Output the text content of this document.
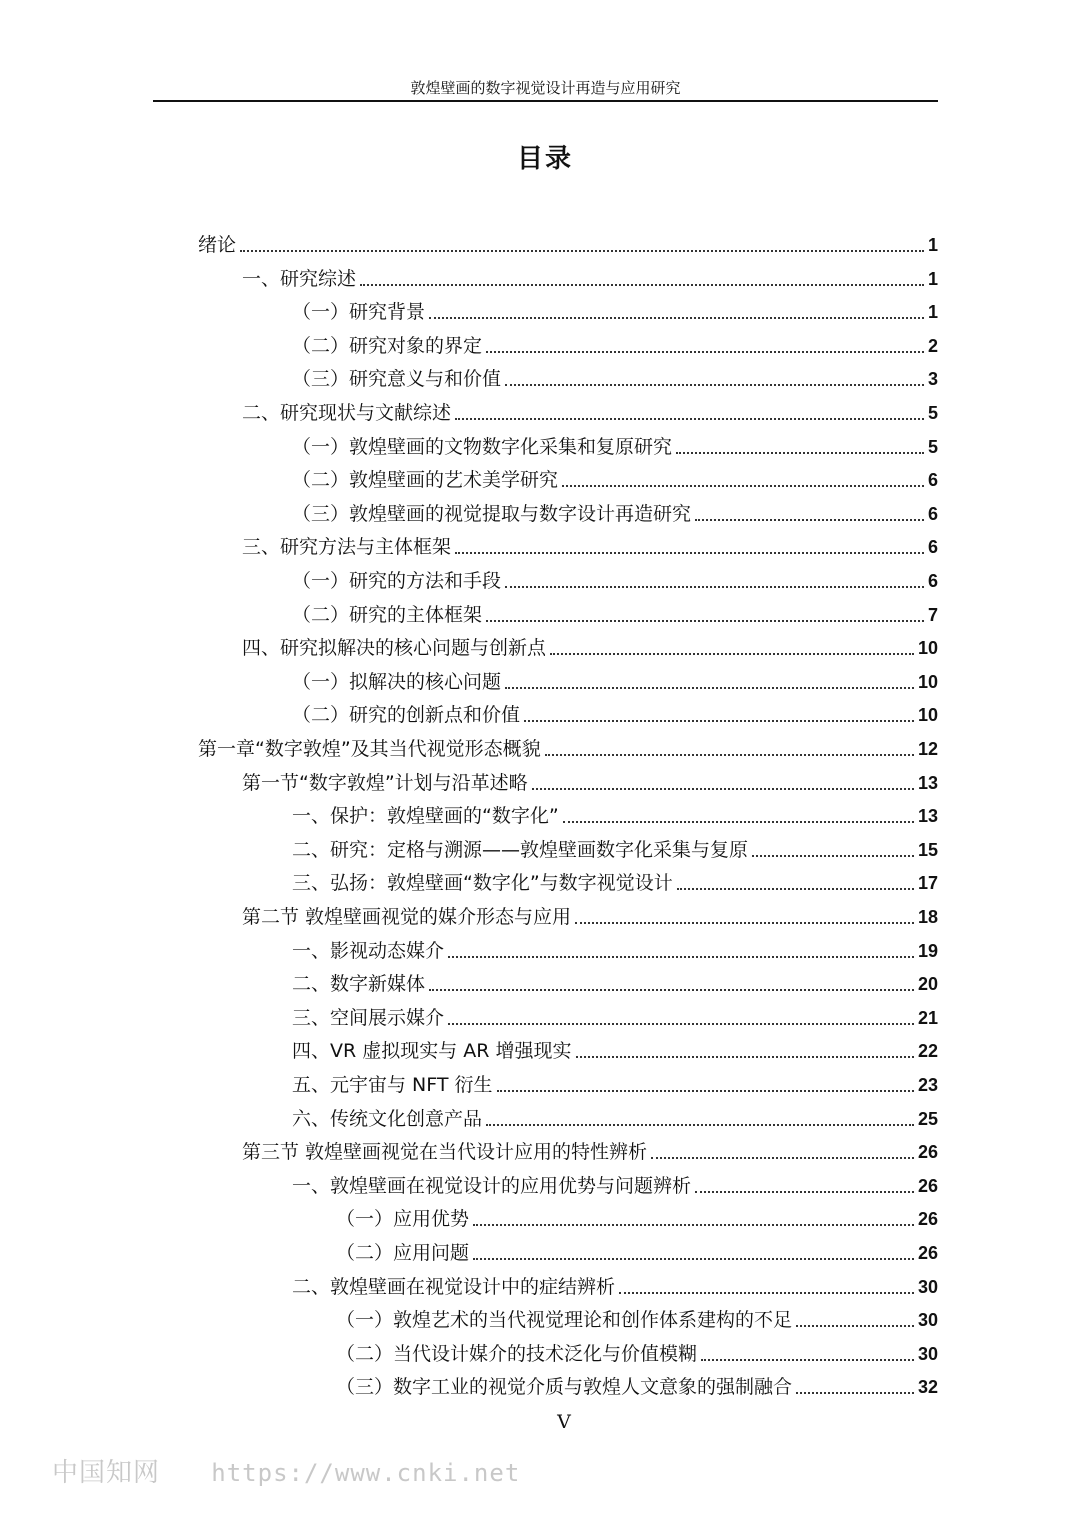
敦煌壁画的数字视觉设计再造与应用研究
目录
绪论	1
一、研究综述	1
（一）研究背景	1
（二）研究对象的界定	2
（三）研究意义与和价值	3
二、研究现状与文献综述	5
（一）敦煌壁画的文物数字化采集和复原研究	5
（二）敦煌壁画的艺术美学研究	6
（三）敦煌壁画的视觉提取与数字设计再造研究	6
三、研究方法与主体框架	6
（一）研究的方法和手段	6
（二）研究的主体框架	7
四、研究拟解决的核心问题与创新点	10
（一）拟解决的核心问题	10
（二）研究的创新点和价值	10
第一章“数字敦煌”及其当代视觉形态概貌	12
第一节“数字敦煌”计划与沿革述略	13
一、保护：敦煌壁画的“数字化”	13
二、研究：定格与溯源——敦煌壁画数字化采集与复原	15
三、弘扬：敦煌壁画“数字化”与数字视觉设计	17
第二节 敦煌壁画视觉的媒介形态与应用	18
一、影视动态媒介	19
二、数字新媒体	20
三、空间展示媒介	21
四、VR 虚拟现实与 AR 增强现实	22
五、元宇宙与 NFT 衍生	23
六、传统文化创意产品	25
第三节 敦煌壁画视觉在当代设计应用的特性辨析	26
一、敦煌壁画在视觉设计的应用优势与问题辨析	26
（一）应用优势	26
（二）应用问题	26
二、敦煌壁画在视觉设计中的症结辨析	30
（一）敦煌艺术的当代视觉理论和创作体系建构的不足	30
（二）当代设计媒介的技术泛化与价值模糊	30
（三）数字工业的视觉介质与敦煌人文意象的强制融合	32
V
中国知网 https://www.cnki.net
